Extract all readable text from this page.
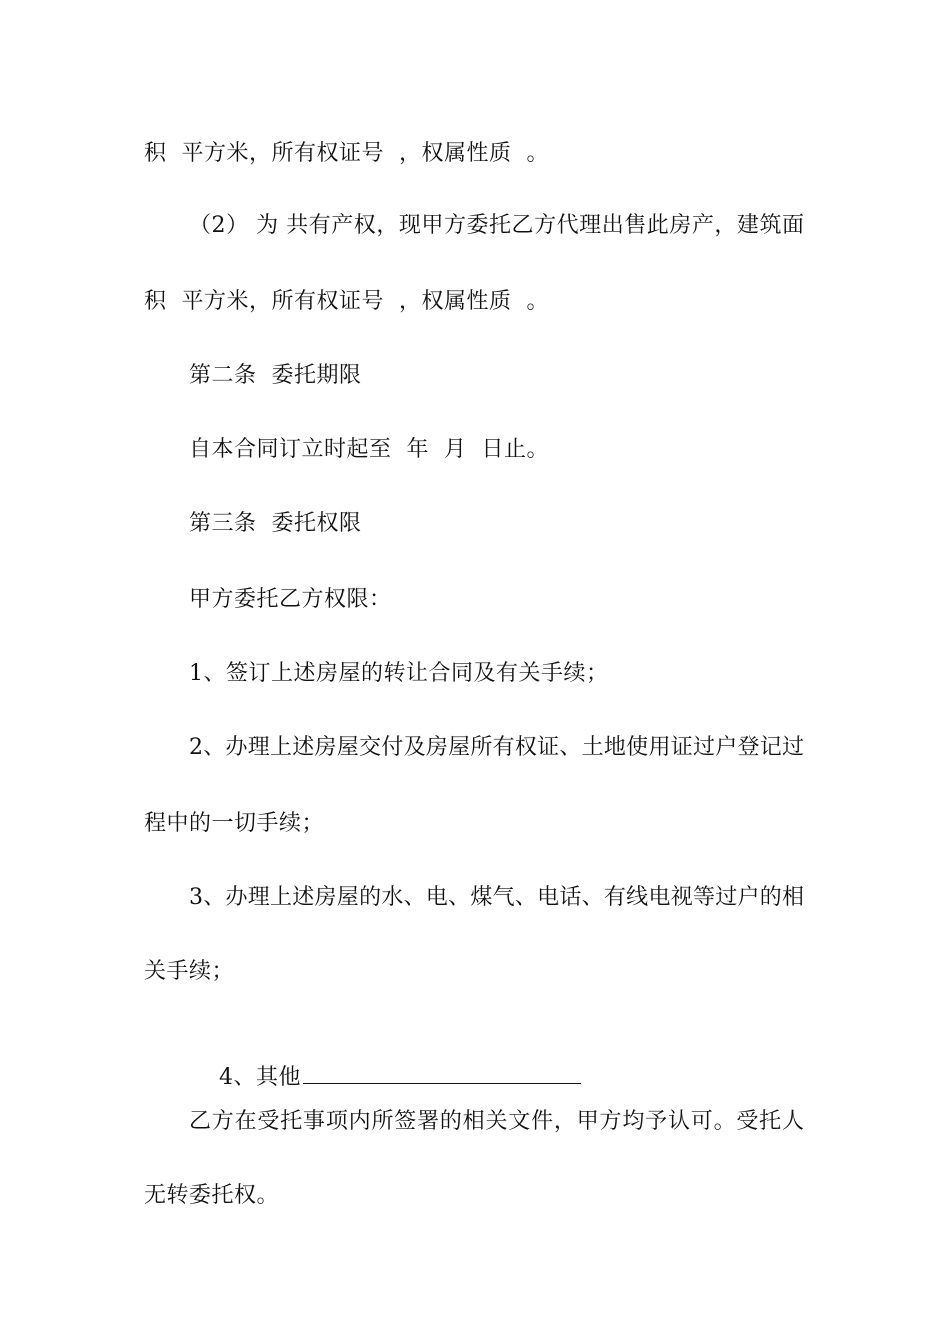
积  平方米，所有权证号  ，权属性质  。
（2） 为 共有产权，现甲方委托乙方代理出售此房产，建筑面
积  平方米，所有权证号  ，权属性质  。
第二条  委托期限
自本合同订立时起至  年  月  日止。
第三条  委托权限
甲方委托乙方权限：
1、签订上述房屋的转让合同及有关手续；
2、办理上述房屋交付及房屋所有权证、土地使用证过户登记过
程中的一切手续；
3、办理上述房屋的水、电、煤气、电话、有线电视等过户的相
关手续；

4、其他

乙方在受托事项内所签署的相关文件，甲方均予认可。受托人
无转委托权。
